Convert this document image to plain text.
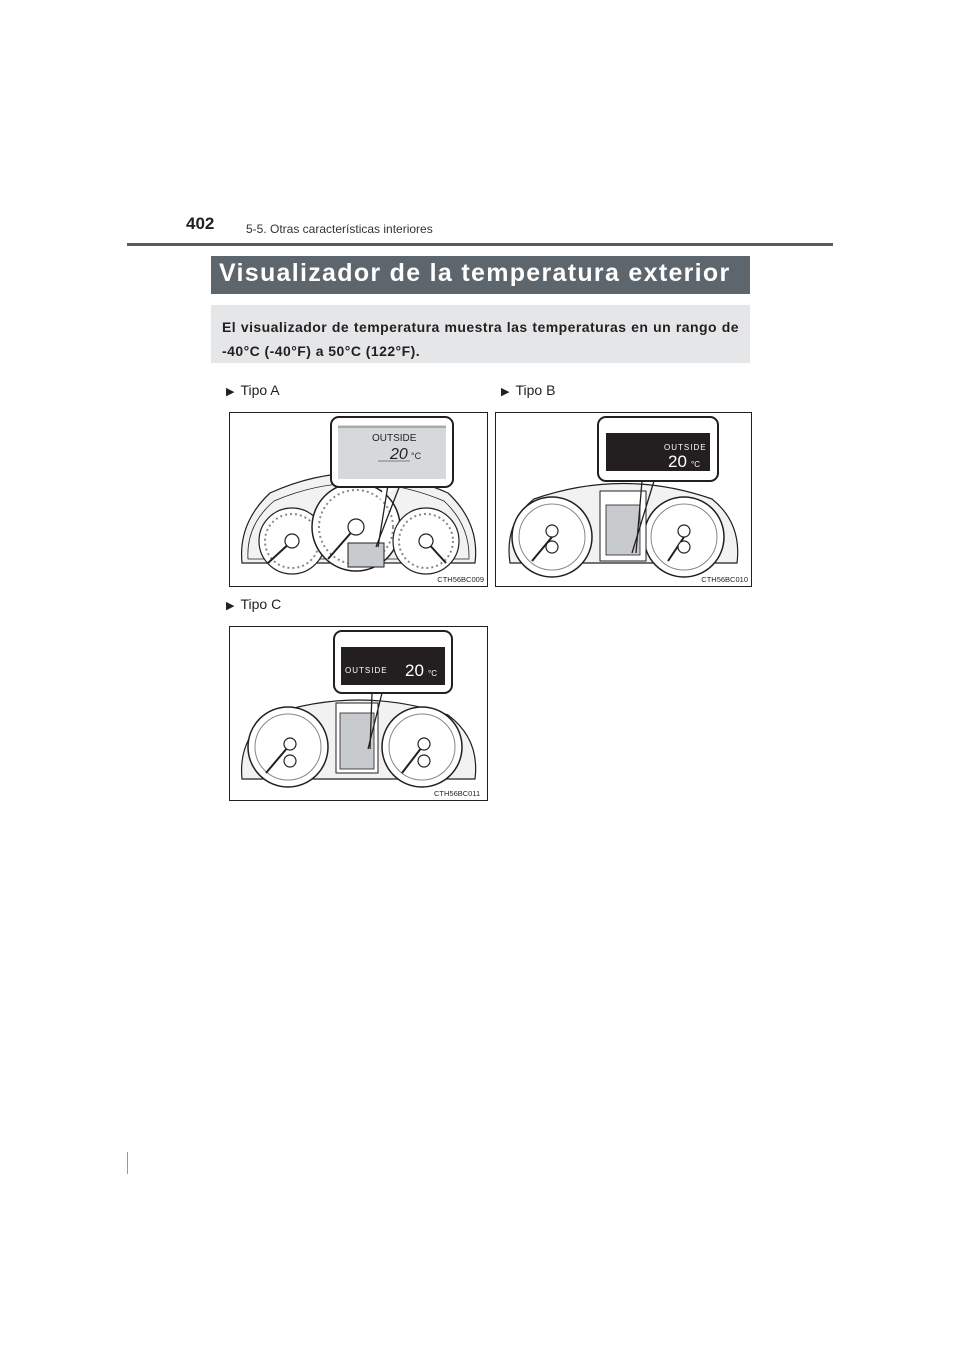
402	5-5. Otras características interiores
Visualizador de la temperatura exterior
El visualizador de temperatura muestra las temperaturas en un rango de -40°C (-40°F) a 50°C (122°F).
▶ Tipo A	▶ Tipo B
▶ Tipo C
OUTSIDE
20 °C
CTH56BC009
OUTSIDE
20 °C
CTH56BC010
OUTSIDE 20 °C
CTH56BC011
